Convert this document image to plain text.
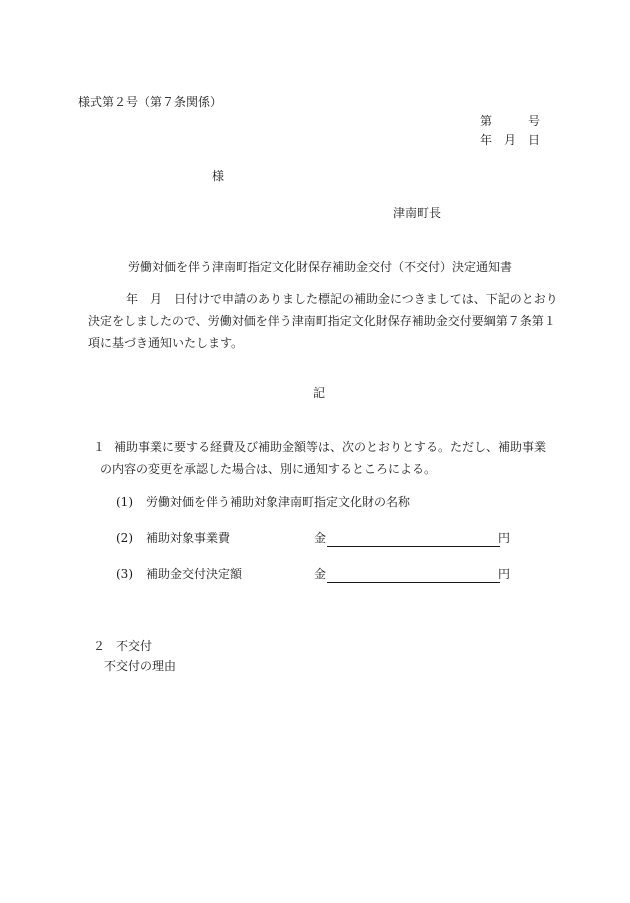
様式第２号（第７条関係）
第　　　号
年　月　日
様
津南町長
労働対価を伴う津南町指定文化財保存補助金交付（不交付）決定通知書
年　月　日付けで申請のありました標記の補助金につきましては、下記のとおり決定をしましたので、労働対価を伴う津南町指定文化財保存補助金交付要綱第７条第１項に基づき通知いたします。
記
１ 補助事業に要する経費及び補助金額等は、次のとおりとする。ただし、補助事業の内容の変更を承認した場合は、別に通知するところによる。
(1) 労働対価を伴う補助対象津南町指定文化財の名称
(2) 補助対象事業費	金	円
(3) 補助金交付決定額	金	円
２ 不交付
不交付の理由
